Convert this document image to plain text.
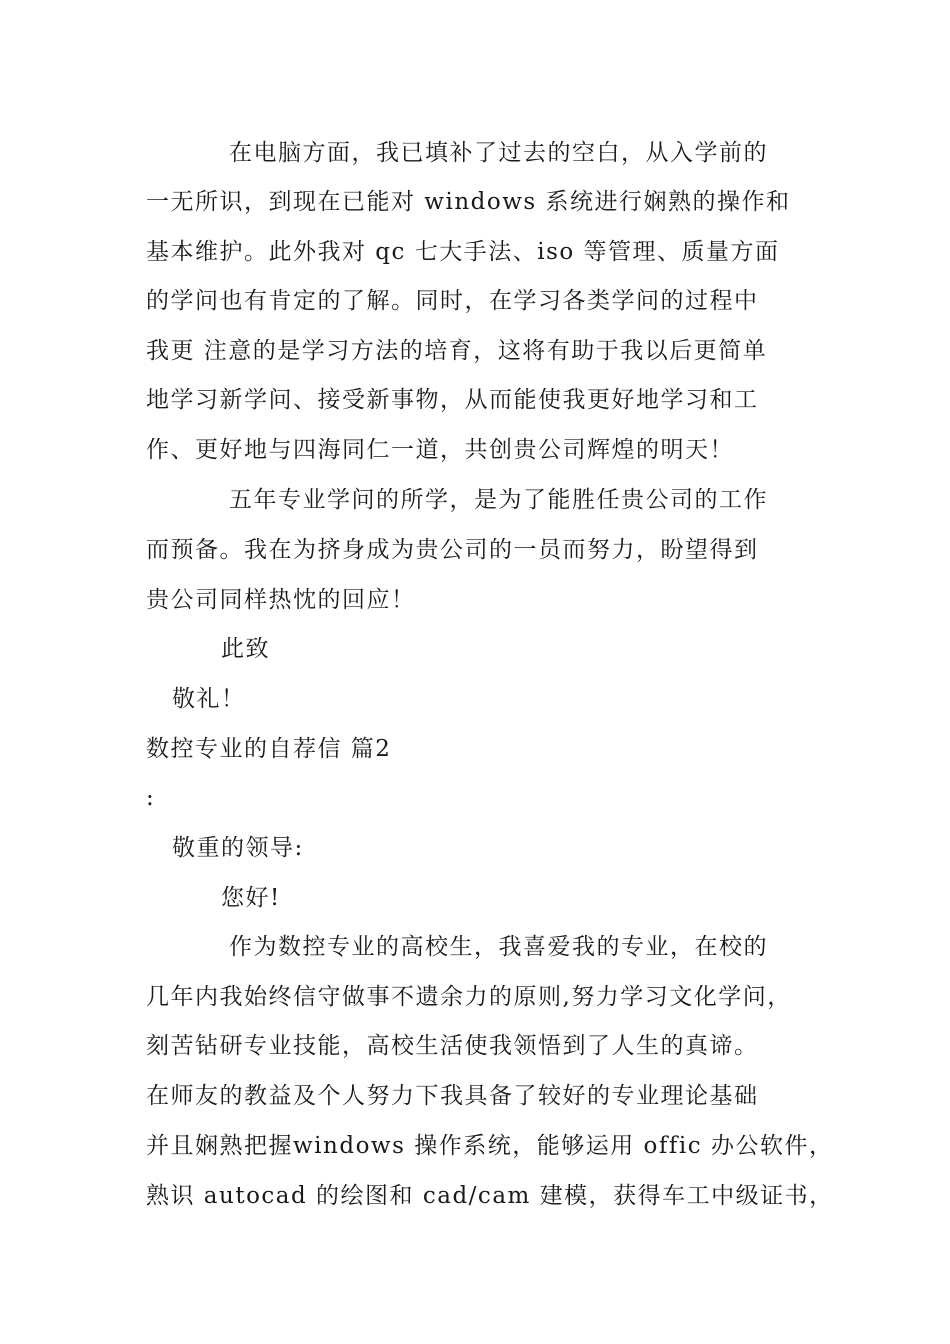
在电脑方面，我已填补了过去的空白，从入学前的
一无所识，到现在已能对 windows 系统进行娴熟的操作和
基本维护。此外我对 qc 七大手法、iso 等管理、质量方面
的学问也有肯定的了解。同时，在学习各类学问的过程中
我更 注意的是学习方法的培育，这将有助于我以后更简单
地学习新学问、接受新事物，从而能使我更好地学习和工
作、更好地与四海同仁一道，共创贵公司辉煌的明天！
五年专业学问的所学，是为了能胜任贵公司的工作
而预备。我在为挤身成为贵公司的一员而努力，盼望得到
贵公司同样热忱的回应！
此致
敬礼！
数控专业的自荐信 篇2
:
敬重的领导:
您好!
作为数控专业的高校生，我喜爱我的专业，在校的
几年内我始终信守做事不遗余力的原则,努力学习文化学问，
刻苦钻研专业技能，高校生活使我领悟到了人生的真谛。
在师友的教益及个人努力下我具备了较好的专业理论基础
并且娴熟把握windows 操作系统，能够运用 offic 办公软件，
熟识 autocad 的绘图和 cad/cam 建模，获得车工中级证书，
